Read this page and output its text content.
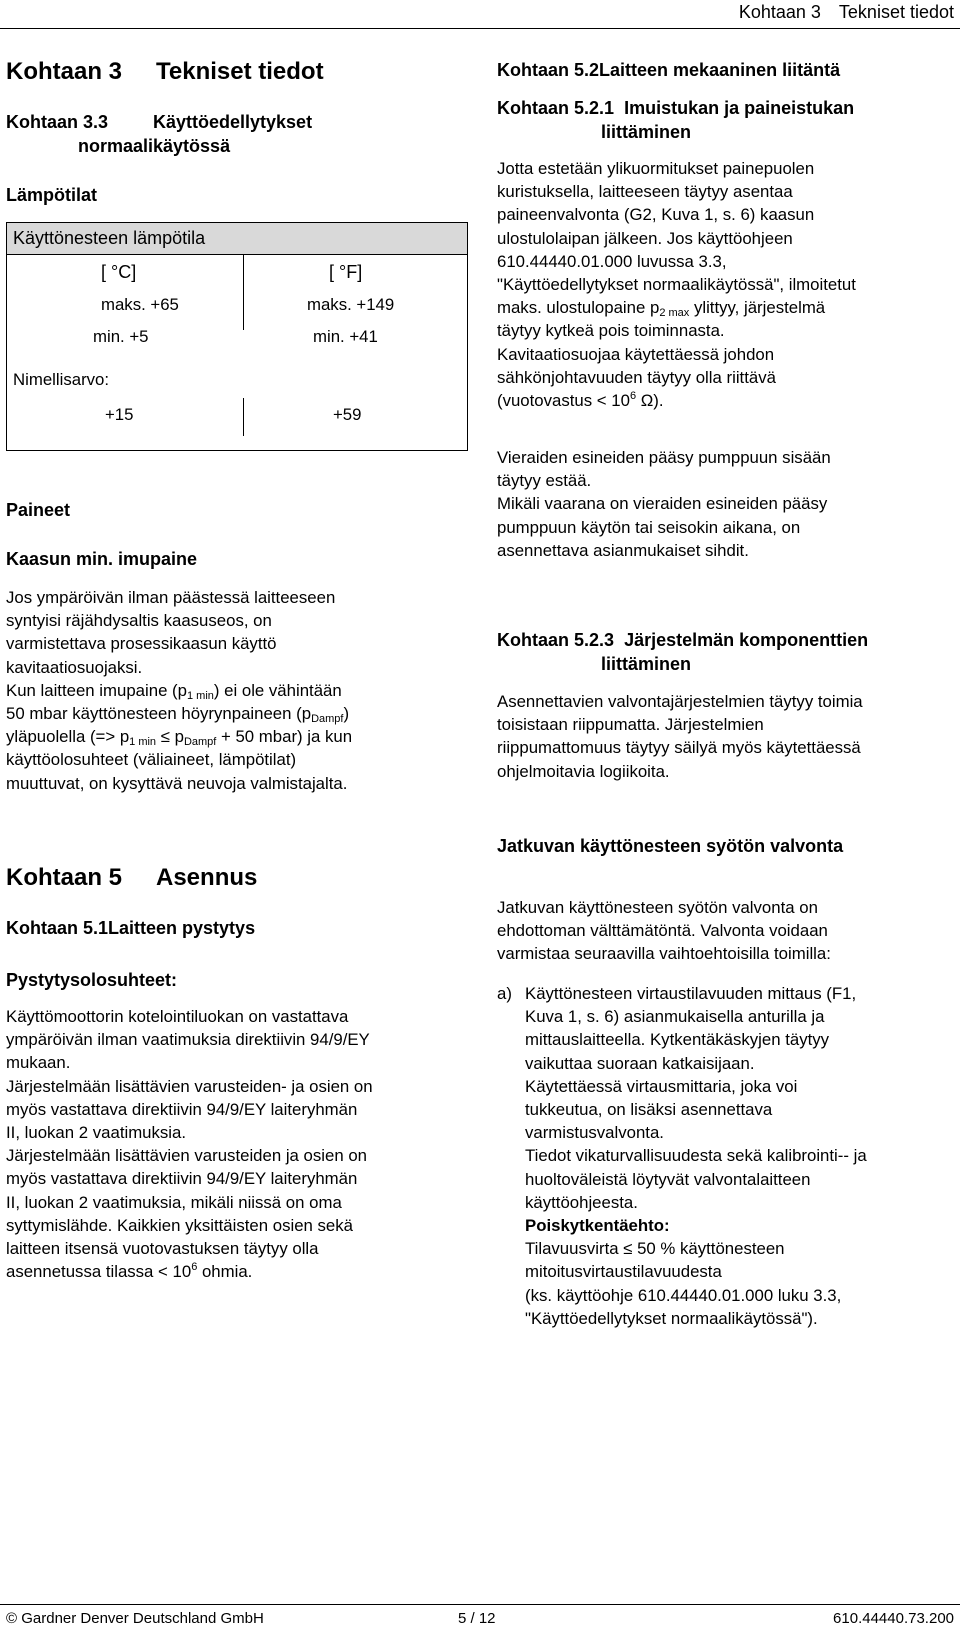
Kohtaan 3 Tekniset tiedot
Kohtaan 3 Tekniset tiedot
Kohtaan 3.3 Käyttöedellytykset
normaalikäytössä
Lämpötilat
Käyttönesteen lämpötila
[ °C]	[ °F]
maks. +65	maks. +149
min. +5	min. +41
Nimellisarvo:
+15	+59
Paineet
Kaasun min. imupaine
Jos ympäröivän ilman päästessä laitteeseen
syntyisi räjähdysaltis kaasuseos, on
varmistettava prosessikaasun käyttö
kavitaatiosuojaksi.
Kun laitteen imupaine $(p_{1 min})$ ei ole vähintään
50 mbar käyttönesteen höyrynpaineen $(p_{Dampf})$
yläpuolella (=> $p_{1 min} \le p_{Dampf} + 50$ mbar) ja kun
käyttöolosuhteet (väliaineet, lämpötilat)
muuttuvat, on kysyttävä neuvoja valmistajalta.
Kohtaan 5 Asennus
Kohtaan 5.1Laitteen pystytys
Pystytysolosuhteet:
Käyttömoottorin kotelointiluokan on vastattava
ympäröivän ilman vaatimuksia direktiivin 94/9/EY
mukaan.
Järjestelmään lisättävien varusteiden- ja osien on
myös vastattava direktiivin 94/9/EY laiteryhmän
II, luokan 2 vaatimuksia.
Järjestelmään lisättävien varusteiden ja osien on
myös vastattava direktiivin 94/9/EY laiteryhmän
II, luokan 2 vaatimuksia, mikäli niissä on oma
syttymislähde. Kaikkien yksittäisten osien sekä
laitteen itsensä vuotovastuksen täytyy olla
asennetussa tilassa < $10^6$ ohmia.
Kohtaan 5.2Laitteen mekaaninen liitäntä
Kohtaan 5.2.1 Imuistukan ja paineistukan liittäminen
Jotta estetään ylikuormitukset painepuolen
kuristuksella, laitteeseen täytyy asentaa
paineenvalvonta (G2, Kuva 1, s. 6) kaasun
ulostulolaipan jälkeen. Jos käyttöohjeen
610.44440.01.000 luvussa 3.3,
"Käyttöedellytykset normaalikäytössä", ilmoitetut
maks. ulostulopaine $p_{2 max}$ ylittyy, järjestelmä
täytyy kytkeä pois toiminnasta.
Kavitaatiosuojaa käytettäessä johdon
sähkönjohtavuuden täytyy olla riittävä
(vuotovastus < $10^6$ Ω).
Vieraiden esineiden pääsy pumppuun sisään
täytyy estää.
Mikäli vaarana on vieraiden esineiden pääsy
pumppuun käytön tai seisokin aikana, on
asennettava asianmukaiset sihdit.
Kohtaan 5.2.3 Järjestelmän komponenttien liittäminen
Asennettavien valvontajärjestelmien täytyy toimia
toisistaan riippumatta. Järjestelmien
riippumattomuus täytyy säilyä myös käytettäessä
ohjelmoitavia logiikoita.
Jatkuvan käyttönesteen syötön valvonta
Jatkuvan käyttönesteen syötön valvonta on
ehdottoman välttämätöntä. Valvonta voidaan
varmistaa seuraavilla vaihtoehtoisilla toimilla:
a) Käyttönesteen virtaustilavuuden mittaus (F1,
Kuva 1, s. 6) asianmukaisella anturilla ja
mittauslaitteella. Kytkentäkäskyjen täytyy
vaikuttaa suoraan katkaisijaan.
Käytettäessä virtausmittaria, joka voi
tukkeutua, on lisäksi asennettava
varmistusvalvonta.
Tiedot vikaturvallisuudesta sekä kalibrointi-- ja
huoltoväleistä löytyvät valvontalaitteen
käyttöohjeesta.
Poiskytkentäehto:
Tilavuusvirta ≤ 50 % käyttönesteen
mitoitusvirtaustilavuudesta
(ks. käyttöohje 610.44440.01.000 luku 3.3,
"Käyttöedellytykset normaalikäytössä").
© Gardner Denver Deutschland GmbH	5 / 12	610.44440.73.200
